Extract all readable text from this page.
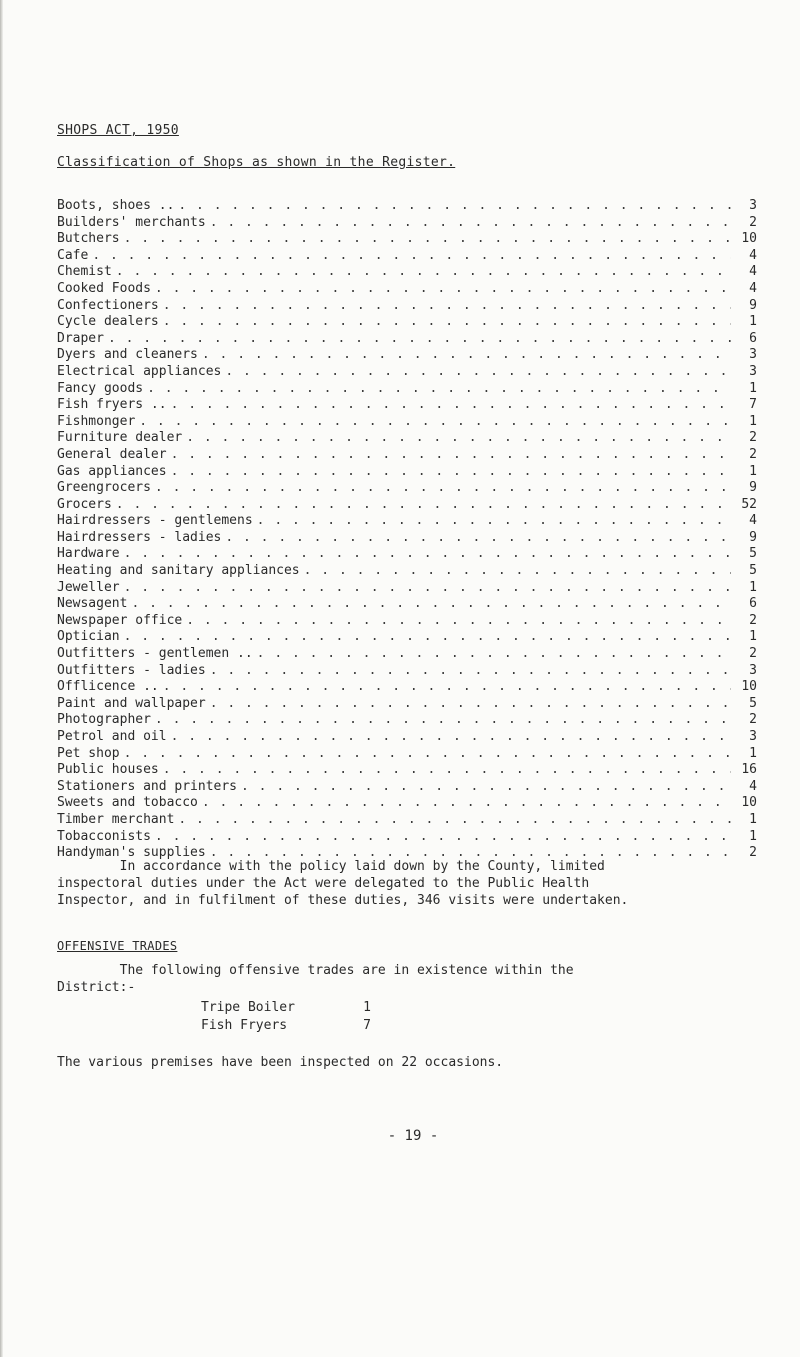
SHOPS ACT, 1950
Classification of Shops as shown in the Register.
Boots, shoes .. . . .	3
Builders' merchants . . .	2
Butchers . . .	10
Cafe . . .	4
Chemist . . .	4
Cooked Foods . . .	4
Confectioners . . .	9
Cycle dealers . . .	1
Draper . . .	6
Dyers and cleaners . . .	3
Electrical appliances . . .	3
Fancy goods . . .	1
Fish fryers .. . . .	7
Fishmonger . . .	1
Furniture dealer . . .	2
General dealer . . .	2
Gas appliances . . .	1
Greengrocers . . .	9
Grocers . . .	52
Hairdressers - gentlemens . . .	4
Hairdressers - ladies . . .	9
Hardware . . .	5
Heating and sanitary appliances . . .	5
Jeweller . . .	1
Newsagent . . .	6
Newspaper office . . .	2
Optician . . .	1
Outfitters - gentlemen .. . . .	2
Outfitters - ladies . . .	3
Offlicence .. . . .	10
Paint and wallpaper . . .	5
Photographer . . .	2
Petrol and oil . . .	3
Pet shop . . .	1
Public houses . . .	16
Stationers and printers . . .	4
Sweets and tobacco . . .	10
Timber merchant . . .	1
Tobacconists . . .	1
Handyman's supplies . . .	2
In accordance with the policy laid down by the County, limited
inspectoral duties under the Act were delegated to the Public Health
Inspector, and in fulfilment of these duties, 346 visits were undertaken.
OFFENSIVE TRADES
The following offensive trades are in existence within the
District:-
Tripe Boiler	1
Fish Fryers	7
The various premises have been inspected on 22 occasions.
- 19 -
